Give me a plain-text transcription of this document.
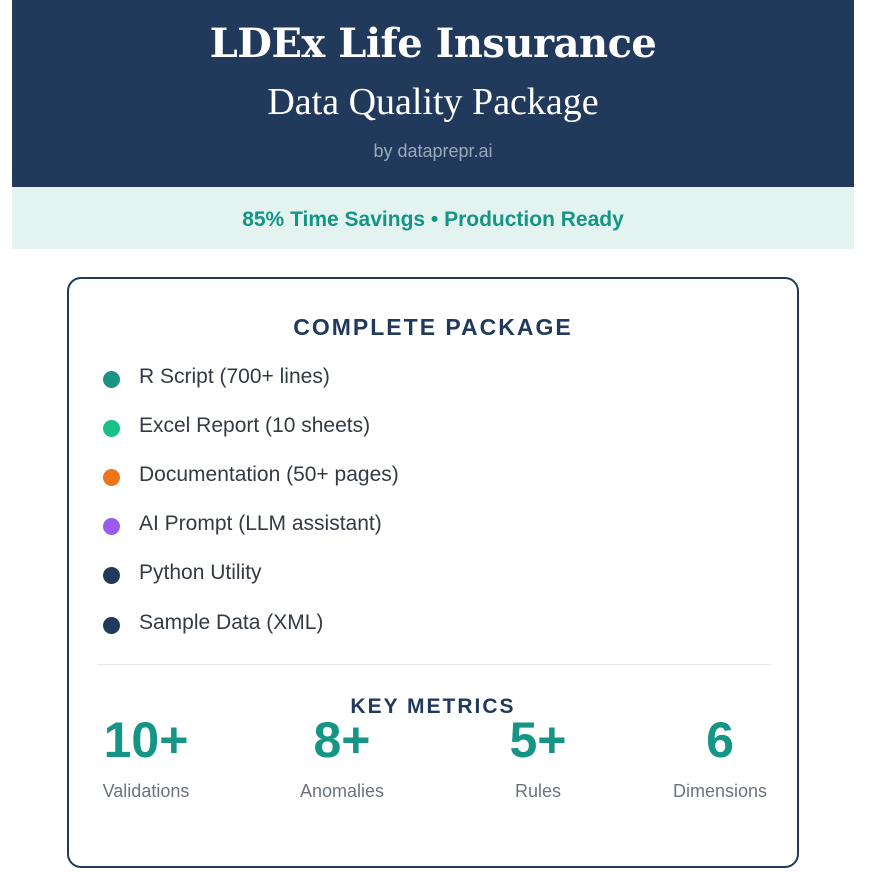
LDEx Life Insurance
Data Quality Package
by dataprepr.ai
85% Time Savings • Production Ready
COMPLETE PACKAGE
R Script (700+ lines)
Excel Report (10 sheets)
Documentation (50+ pages)
AI Prompt (LLM assistant)
Python Utility
Sample Data (XML)
KEY METRICS
10+
Validations
8+
Anomalies
5+
Rules
6
Dimensions
